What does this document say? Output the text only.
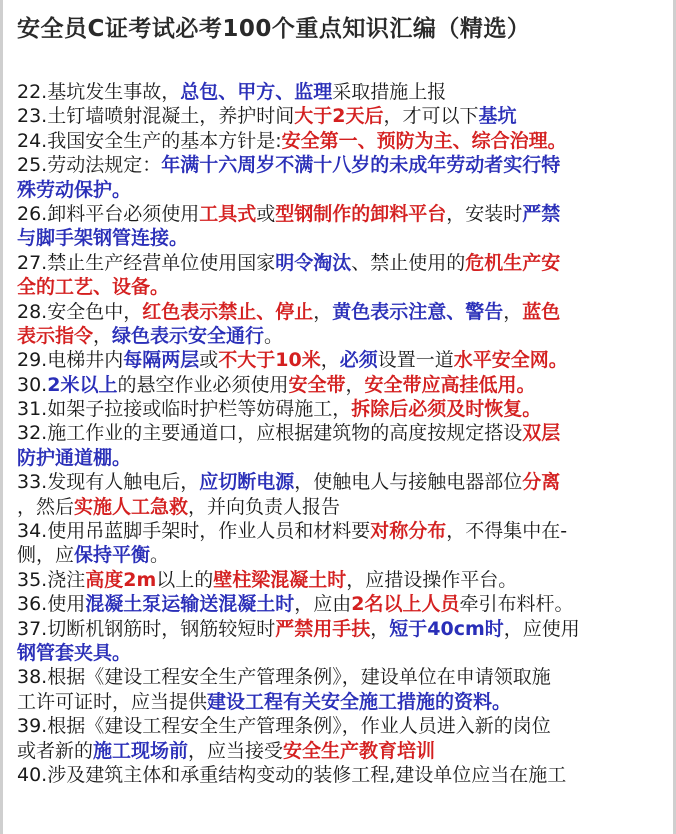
安全员C证考试必考100个重点知识汇编（精选）
22.基坑发生事故，总包、甲方、监理采取措施上报
23.土钉墙喷射混凝土，养护时间大于2天后，才可以下基坑
24.我国安全生产的基本方针是:安全第一、预防为主、综合治理。
25.劳动法规定：年满十六周岁不满十八岁的未成年劳动者实行特
殊劳动保护。
26.卸料平台必须使用工具式或型钢制作的卸料平台，安装时严禁
与脚手架钢管连接。
27.禁止生产经营单位使用国家明令淘汰、禁止使用的危机生产安
全的工艺、设备。
28.安全色中，红色表示禁止、停止，黄色表示注意、警告，蓝色
表示指令，绿色表示安全通行。
29.电梯井内每隔两层或不大于10米，必须设置一道水平安全网。
30.2米以上的悬空作业必须使用安全带，安全带应高挂低用。
31.如架子拉接或临时护栏等妨碍施工，拆除后必须及时恢复。
32.施工作业的主要通道口，应根据建筑物的高度按规定搭设双层
防护通道棚。
33.发现有人触电后，应切断电源，使触电人与接触电器部位分离
，然后实施人工急救，并向负责人报告
34.使用吊蓝脚手架时，作业人员和材料要对称分布，不得集中在-
侧，应保持平衡。
35.浇注高度2m以上的壁柱梁混凝土时，应措设操作平台。
36.使用混凝土泵运输送混凝土时，应由2名以上人员牵引布料杆。
37.切断机钢筋时，钢筋较短时严禁用手扶，短于40cm时，应使用
钢管套夹具。
38.根据《建设工程安全生产管理条例》，建设单位在申请领取施
工许可证时，应当提供建设工程有关安全施工措施的资料。
39.根据《建设工程安全生产管理条例》，作业人员进入新的岗位
或者新的施工现场前，应当接受安全生产教育培训
40.涉及建筑主体和承重结构变动的装修工程,建设单位应当在施工
